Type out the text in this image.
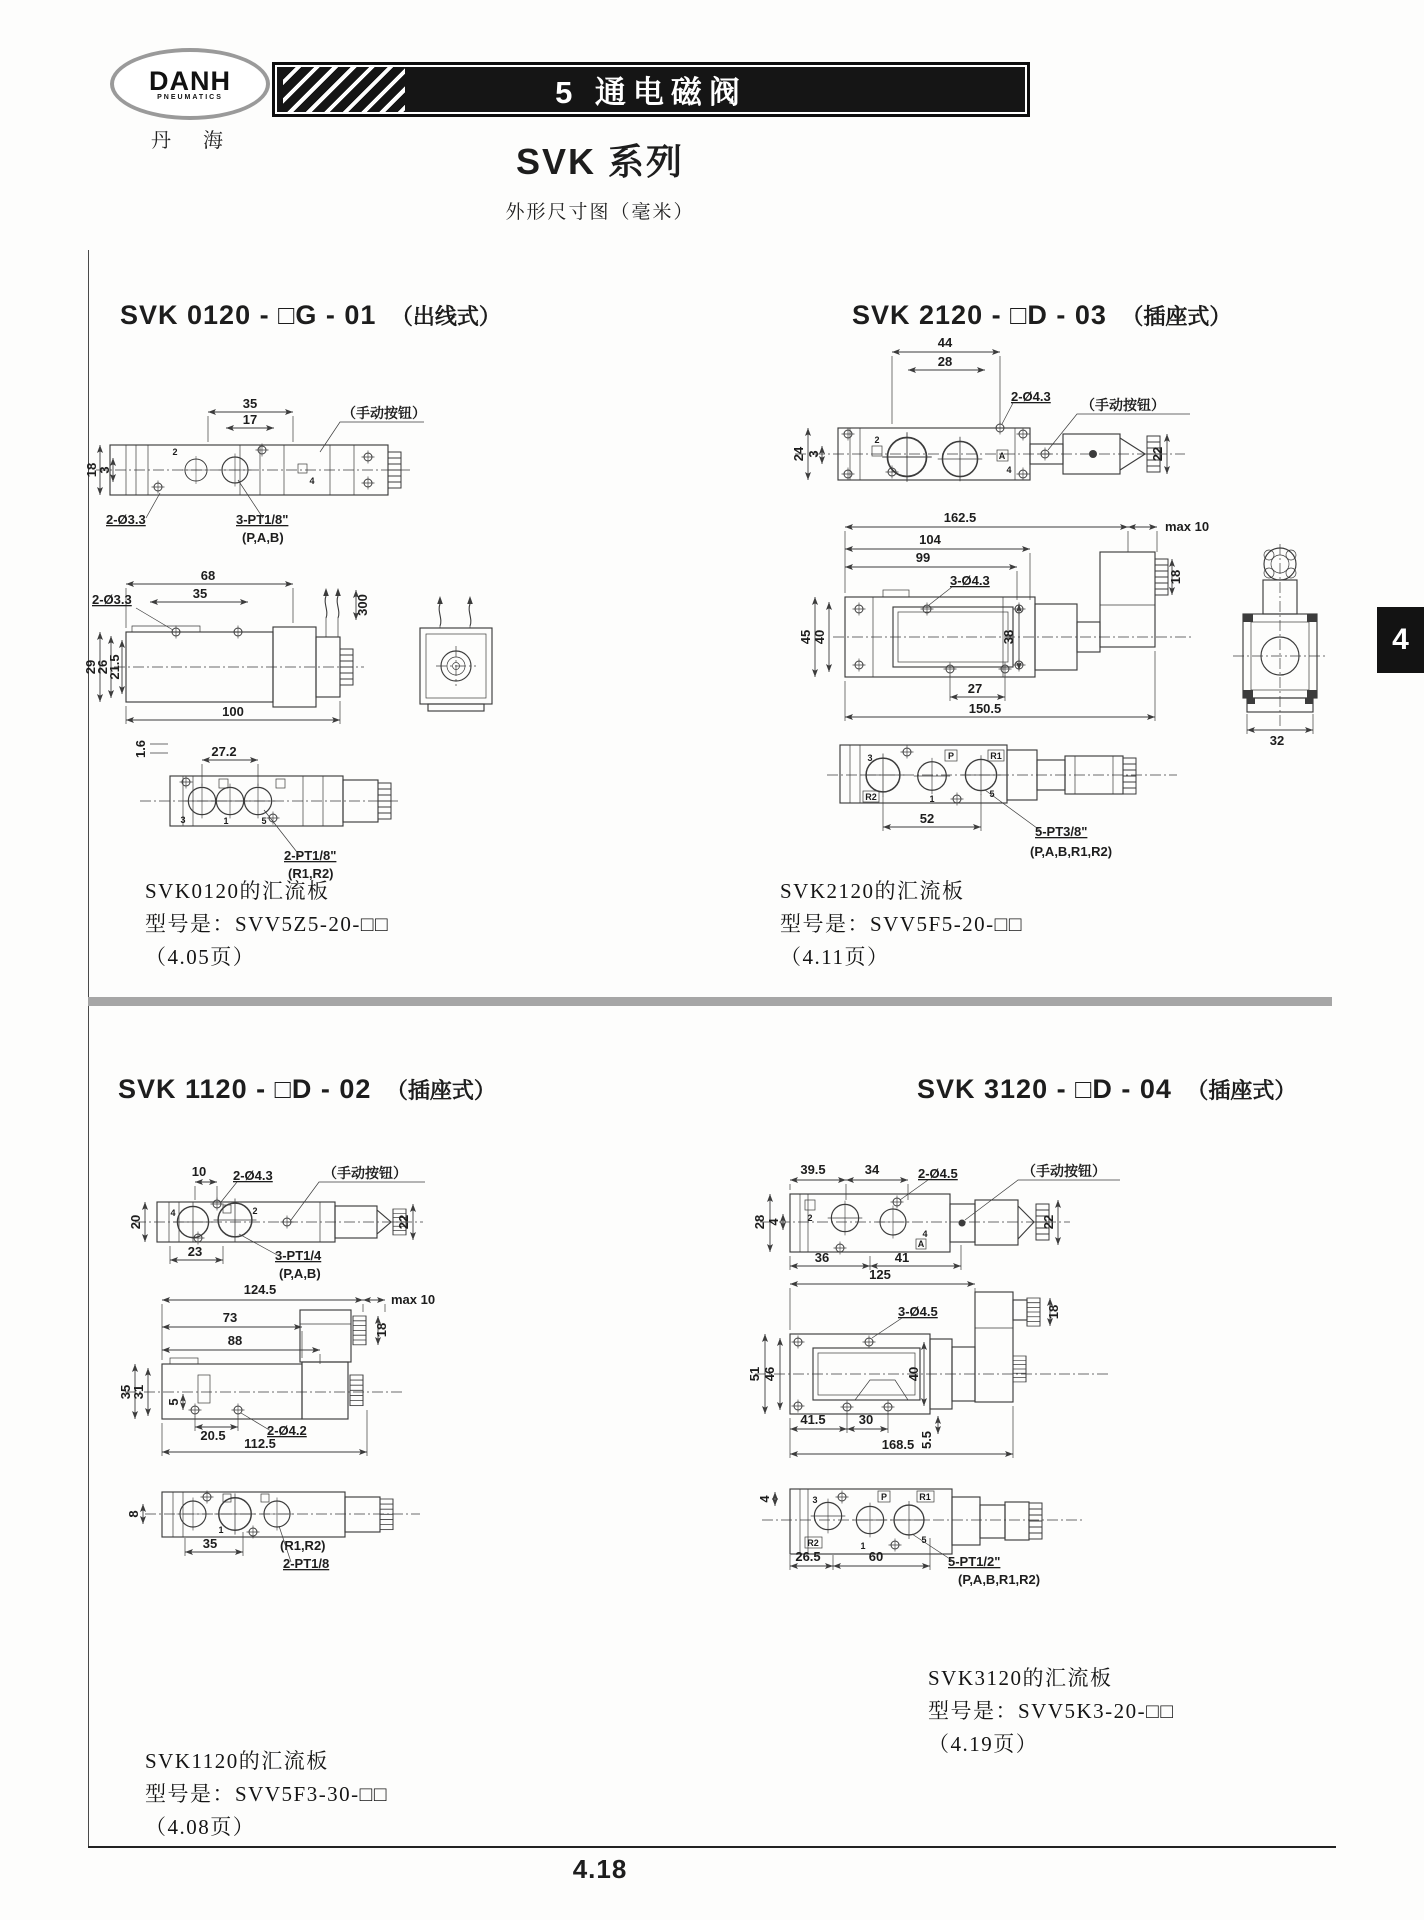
DANH
PNEUMATICS
丹　海
5 通电磁阀
SVK 系列
外形尺寸图（毫米）
SVK 0120 - □G - 01 （出线式）	SVK 2120 - □D - 03 （插座式）
SVK 1120 - □D - 02 （插座式）	SVK 3120 - □D - 04 （插座式）
2
4
35
17
18
3
（手动按钮）
2-Ø3.3	3-PT1/8"
(P,A,B)
300
68
35
2-Ø3.3
29
26
21.5
100
3	1	5
27.2
1.6
2-PT1/8"
(R1,R2)
2
A
4
44
28
24 3
2-Ø4.3
（手动按钮）
22
162.5
max 10
104
99
3-Ø4.3
45 40	38
27
150.5
18
32
3	P	R1
R2	1	5
52
5-PT3/8"
(P,A,B,R1,R2)
4	2
10 2-Ø4.3	（手动按钮）
20	22
23	3-PT1/4
(P,A,B)
124.5
max 10
73
88
18
35
31
5
20.5	2-Ø4.2
112.5
1
8
35	(R1,R2)
2-PT1/8
2
4
A
39.5	34	2-Ø4.5	（手动按钮）
28 4
36	41
22
125
3-Ø4.5	18
51 46	40
41.5	30
5.5
168.5
3	P	R1
R2	1
5
4
26.5	60	5-PT1/2"
(P,A,B,R1,R2)
SVK0120的汇流板
型号是：SVV5Z5-20-□□
（4.05页）
SVK2120的汇流板
型号是：SVV5F5-20-□□
（4.11页）
SVK1120的汇流板
型号是：SVV5F3-30-□□
（4.08页）
SVK3120的汇流板
型号是：SVV5K3-20-□□
（4.19页）
4
4.18
